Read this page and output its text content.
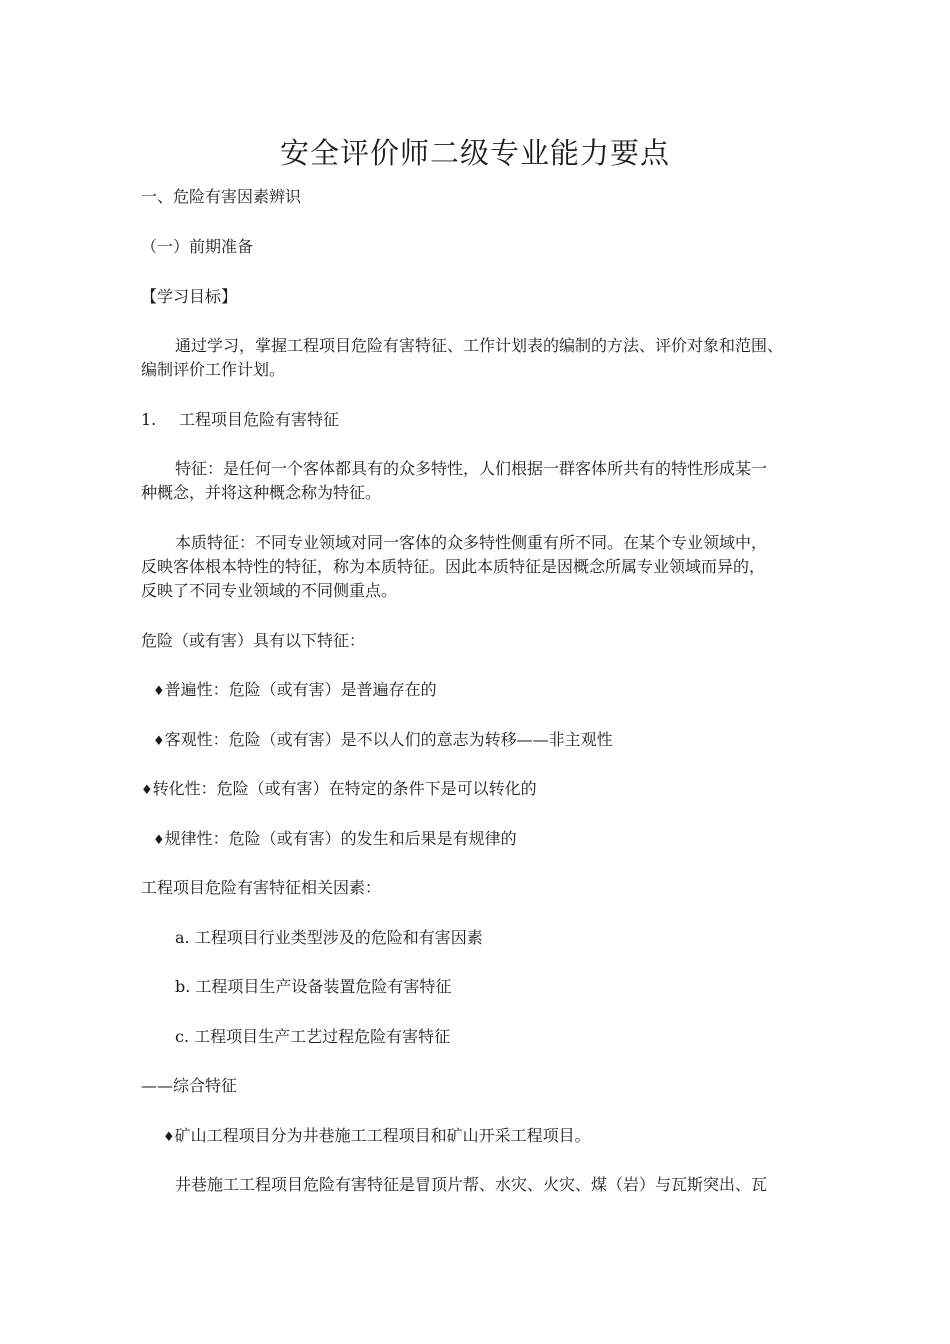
安全评价师二级专业能力要点
一、危险有害因素辨识
（一）前期准备
【学习目标】
通过学习，掌握工程项目危险有害特征、工作计划表的编制的方法、评价对象和范围、
编制评价工作计划。
1. 工程项目危险有害特征
特征：是任何一个客体都具有的众多特性，人们根据一群客体所共有的特性形成某一
种概念，并将这种概念称为特征。
本质特征：不同专业领域对同一客体的众多特性侧重有所不同。在某个专业领域中，
反映客体根本特性的特征，称为本质特征。因此本质特征是因概念所属专业领域而异的，
反映了不同专业领域的不同侧重点。
危险（或有害）具有以下特征：
♦普遍性：危险（或有害）是普遍存在的
♦客观性：危险（或有害）是不以人们的意志为转移——非主观性
♦转化性：危险（或有害）在特定的条件下是可以转化的
♦规律性：危险（或有害）的发生和后果是有规律的
工程项目危险有害特征相关因素：
a. 工程项目行业类型涉及的危险和有害因素
b. 工程项目生产设备装置危险有害特征
c. 工程项目生产工艺过程危险有害特征
——综合特征
♦矿山工程项目分为井巷施工工程项目和矿山开采工程项目。
井巷施工工程项目危险有害特征是冒顶片帮、水灾、火灾、煤（岩）与瓦斯突出、瓦
